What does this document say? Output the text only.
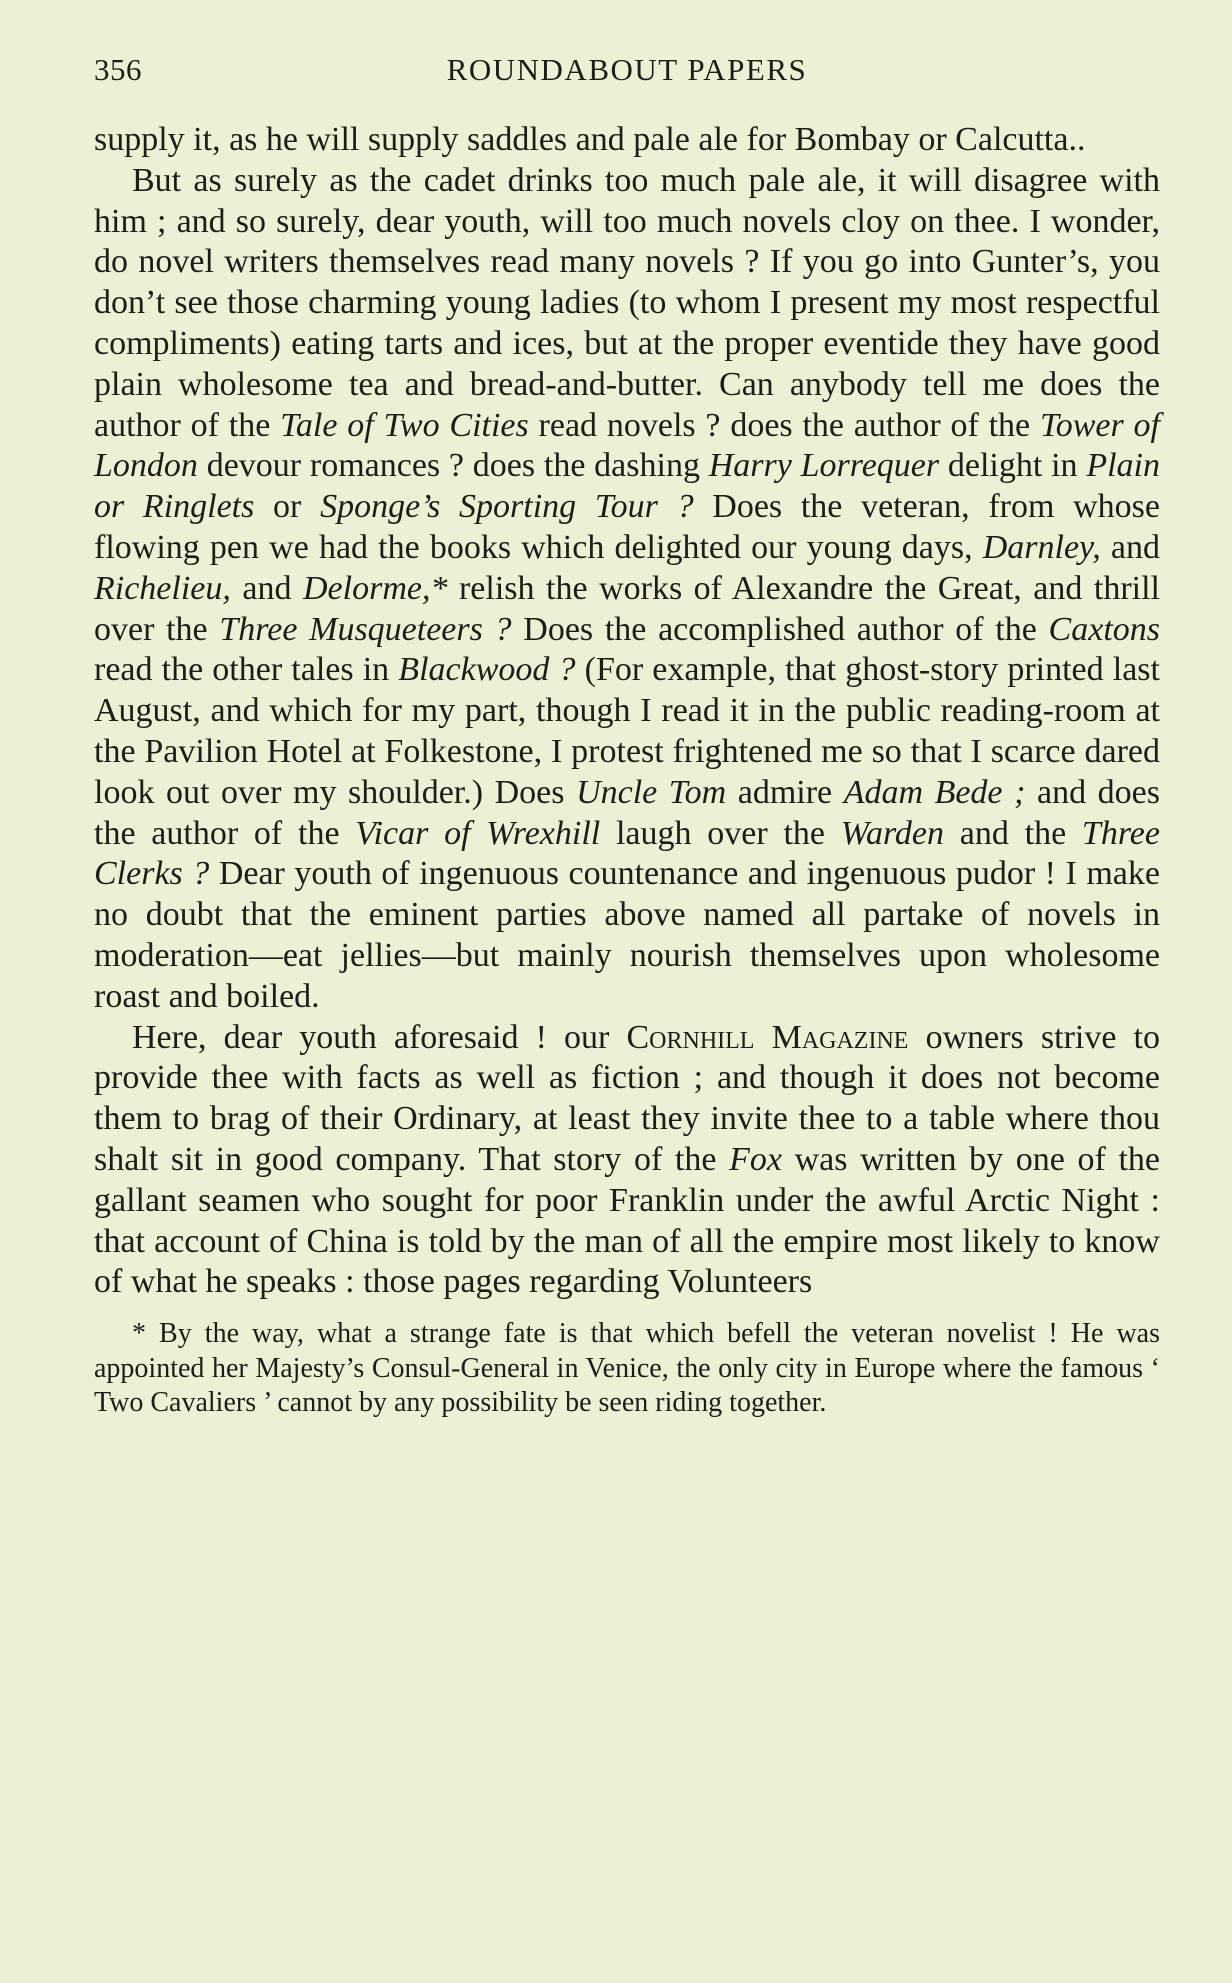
356	ROUNDABOUT PAPERS

supply it, as he will supply saddles and pale ale for Bombay or Calcutta..

But as surely as the cadet drinks too much pale ale, it will disagree with him ; and so surely, dear youth, will too much novels cloy on thee. I wonder, do novel writers themselves read many novels ? If you go into Gunter’s, you don’t see those charming young ladies (to whom I present my most respectful compliments) eating tarts and ices, but at the proper eventide they have good plain wholesome tea and bread-and-butter. Can anybody tell me does the author of the Tale of Two Cities read novels ? does the author of the Tower of London devour romances ? does the dashing Harry Lorrequer delight in Plain or Ringlets or Sponge’s Sporting Tour ? Does the veteran, from whose flowing pen we had the books which delighted our young days, Darnley, and Richelieu, and Delorme,* relish the works of Alexandre the Great, and thrill over the Three Musqueteers ? Does the accomplished author of the Caxtons read the other tales in Blackwood ? (For example, that ghost-story printed last August, and which for my part, though I read it in the public reading-room at the Pavilion Hotel at Folkestone, I protest frightened me so that I scarce dared look out over my shoulder.) Does Uncle Tom admire Adam Bede ; and does the author of the Vicar of Wrexhill laugh over the Warden and the Three Clerks ? Dear youth of ingenuous countenance and ingenuous pudor ! I make no doubt that the eminent parties above named all partake of novels in moderation—eat jellies—but mainly nourish themselves upon wholesome roast and boiled.

Here, dear youth aforesaid ! our Cornhill Magazine owners strive to provide thee with facts as well as fiction ; and though it does not become them to brag of their Ordinary, at least they invite thee to a table where thou shalt sit in good company. That story of the Fox was written by one of the gallant seamen who sought for poor Franklin under the awful Arctic Night : that account of China is told by the man of all the empire most likely to know of what he speaks : those pages regarding Volunteers

* By the way, what a strange fate is that which befell the veteran novelist ! He was appointed her Majesty’s Consul-General in Venice, the only city in Europe where the famous ‘ Two Cavaliers ’ cannot by any possibility be seen riding together.
